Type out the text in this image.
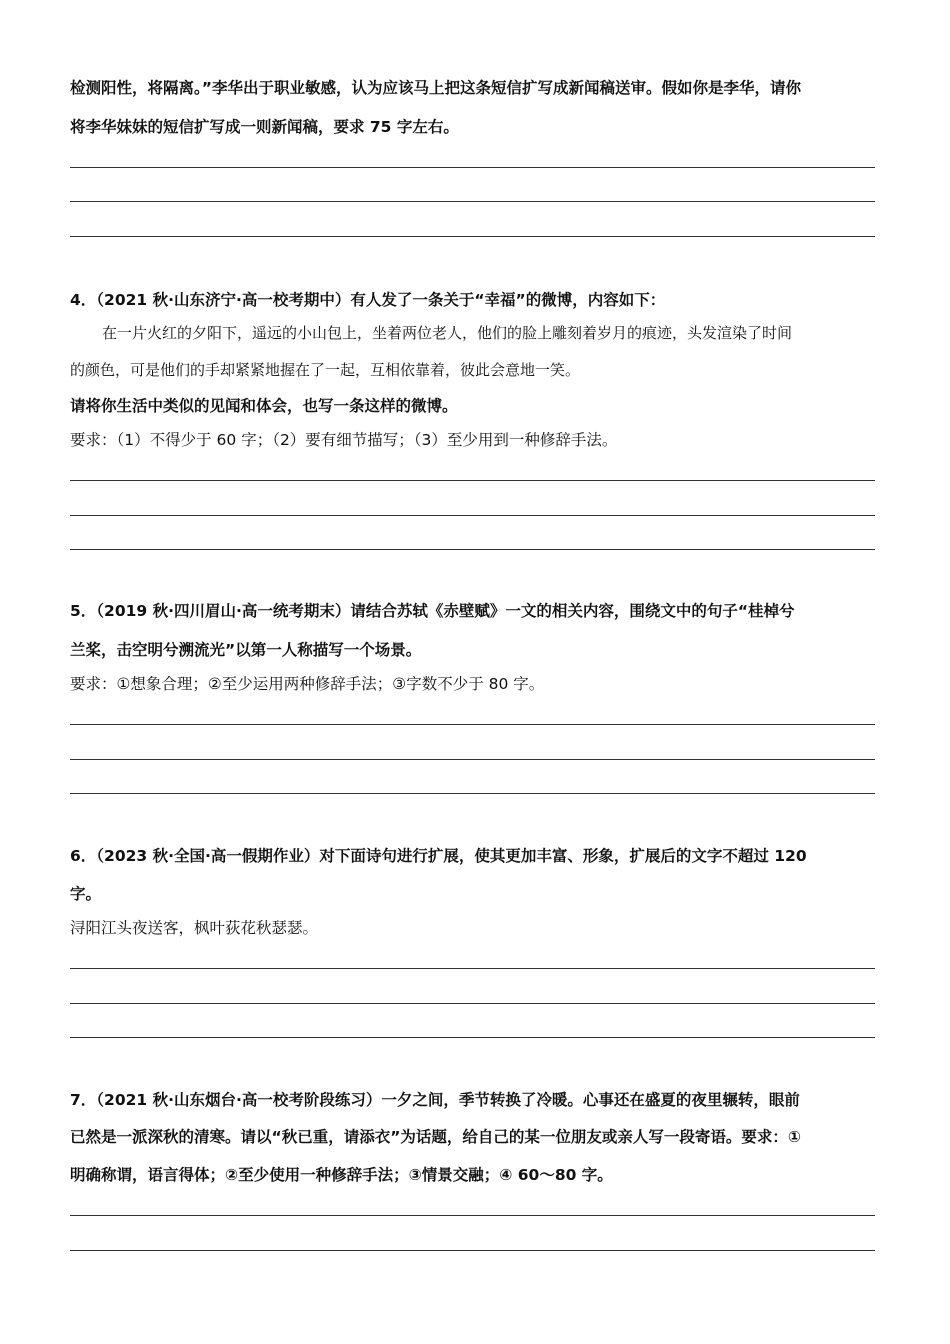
检测阳性，将隔离。”李华出于职业敏感，认为应该马上把这条短信扩写成新闻稿送审。假如你是李华，请你
将李华妹妹的短信扩写成一则新闻稿，要求 75 字左右。
4．（2021 秋·山东济宁·高一校考期中）有人发了一条关于“幸福”的微博，内容如下：
在一片火红的夕阳下，遥远的小山包上，坐着两位老人，他们的脸上雕刻着岁月的痕迹，头发渲染了时间
的颜色，可是他们的手却紧紧地握在了一起，互相依靠着，彼此会意地一笑。
请将你生活中类似的见闻和体会，也写一条这样的微博。
要求：（1）不得少于 60 字；（2）要有细节描写；（3）至少用到一种修辞手法。
5．（2019 秋·四川眉山·高一统考期末）请结合苏轼《赤壁赋》一文的相关内容，围绕文中的句子“桂棹兮
兰桨，击空明兮溯流光”以第一人称描写一个场景。
要求：①想象合理；②至少运用两种修辞手法；③字数不少于 80 字。
6．（2023 秋·全国·高一假期作业）对下面诗句进行扩展，使其更加丰富、形象，扩展后的文字不超过 120
字。
浔阳江头夜送客，枫叶荻花秋瑟瑟。
7．（2021 秋·山东烟台·高一校考阶段练习）一夕之间，季节转换了冷暖。心事还在盛夏的夜里辗转，眼前
已然是一派深秋的清寒。请以“秋已重，请添衣”为话题，给自己的某一位朋友或亲人写一段寄语。要求：①
明确称谓，语言得体；②至少使用一种修辞手法；③情景交融；④ 60～80 字。
